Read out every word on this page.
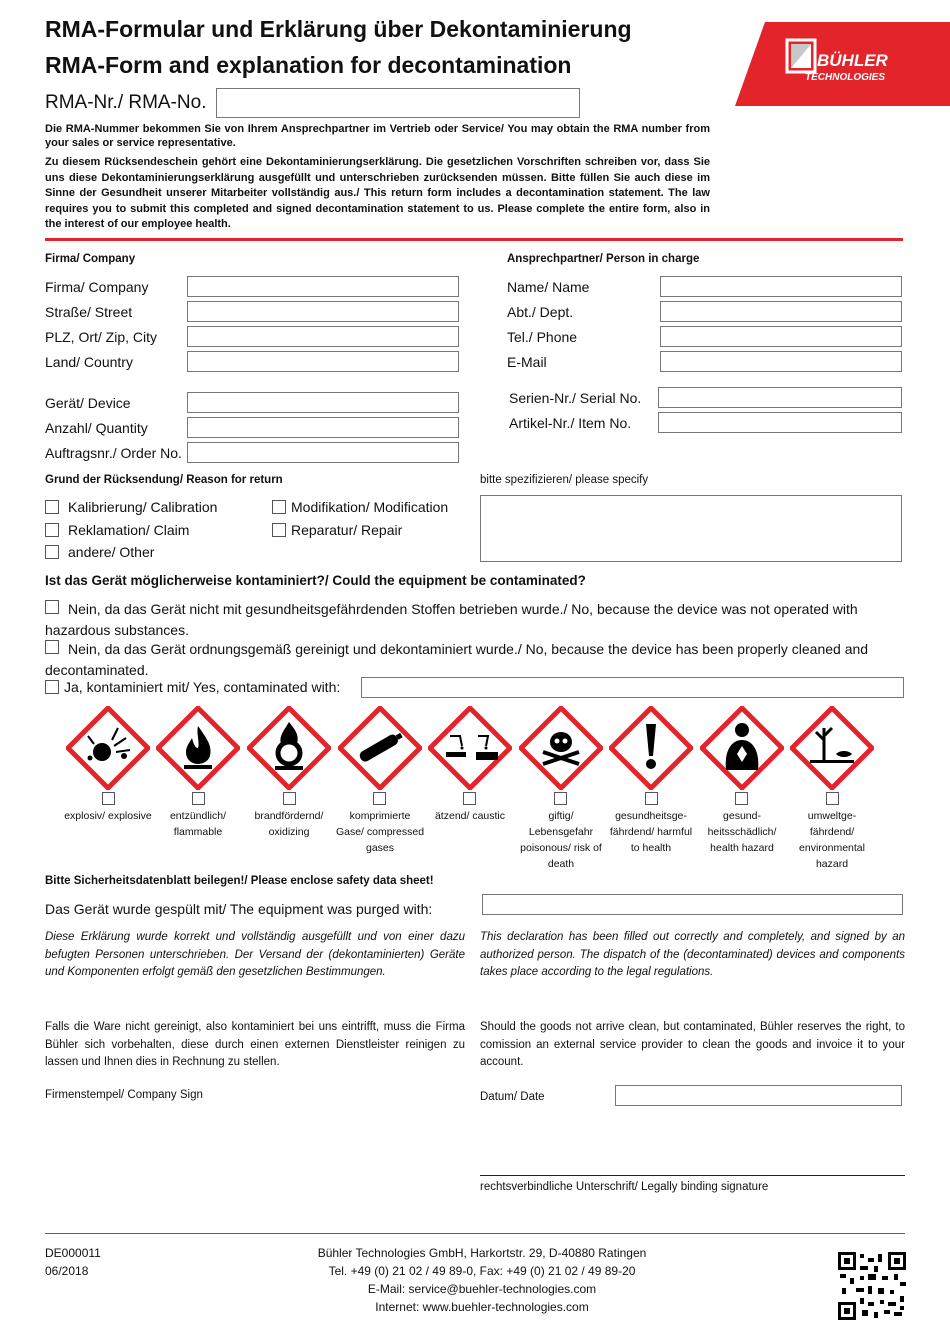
RMA-Formular und Erklärung über Dekontaminierung
RMA-Form and explanation for decontamination
RMA-Nr./ RMA-No.
BÜHLER
TECHNOLOGIES
Die RMA-Nummer bekommen Sie von Ihrem Ansprechpartner im Vertrieb oder Service/ You may obtain the RMA number from your sales or service representative.
Zu diesem Rücksendeschein gehört eine Dekontaminierungserklärung. Die gesetzlichen Vorschriften schreiben vor, dass Sie uns diese Dekontaminierungserklärung ausgefüllt und unterschrieben zurücksenden müssen. Bitte füllen Sie auch diese im Sinne der Gesundheit unserer Mitarbeiter vollständig aus./ This return form includes a decontamination statement. The law requires you to submit this completed and signed decontamination statement to us. Please complete the entire form, also in the interest of our employee health.
Firma/ Company
Firma/ Company
Straße/ Street
PLZ, Ort/ Zip, City
Land/ Country
Ansprechpartner/ Person in charge
Name/ Name
Abt./ Dept.
Tel./ Phone
E-Mail
Gerät/ Device
Anzahl/ Quantity
Auftragsnr./ Order No.
Serien-Nr./ Serial No.
Artikel-Nr./ Item No.
Grund der Rücksendung/ Reason for return	bitte spezifizieren/ please specify
Kalibrierung/ Calibration	Modifikation/ Modification
Reklamation/ Claim	Reparatur/ Repair
andere/ Other
Ist das Gerät möglicherweise kontaminiert?/ Could the equipment be contaminated?
Nein, da das Gerät nicht mit gesundheitsgefährdenden Stoffen betrieben wurde./ No, because the device was not operated with hazardous substances.
Nein, da das Gerät ordnungsgemäß gereinigt und dekontaminiert wurde./ No, because the device has been properly cleaned and decontaminated.
Ja, kontaminiert mit/ Yes, contaminated with:
explosiv/ explosive	entzündlich/ flammable
brandfördernd/ oxidizing
komprimierte Gase/ compressed gases
ätzend/ caustic	giftig/ Lebensgefahr poisonous/ risk of death
gesundheitsge-fährdend/ harmful to health
gesund-heitsschädlich/ health hazard
umweltge-fährdend/ environmental hazard
Bitte Sicherheitsdatenblatt beilegen!/ Please enclose safety data sheet!
Das Gerät wurde gespült mit/ The equipment was purged with:
Diese Erklärung wurde korrekt und vollständig ausgefüllt und von einer dazu befugten Personen unterschrieben. Der Versand der (dekontaminierten) Geräte und Komponenten erfolgt gemäß den gesetzlichen Bestimmungen.
This declaration has been filled out correctly and completely, and signed by an authorized person. The dispatch of the (decontaminated) devices and components takes place according to the legal regulations.
Falls die Ware nicht gereinigt, also kontaminiert bei uns eintrifft, muss die Firma Bühler sich vorbehalten, diese durch einen externen Dienstleister reinigen zu lassen und Ihnen dies in Rechnung zu stellen.
Should the goods not arrive clean, but contaminated, Bühler reserves the right, to comission an external service provider to clean the goods and invoice it to your account.
Firmenstempel/ Company Sign	Datum/ Date
rechtsverbindliche Unterschrift/ Legally binding signature
DE000011
06/2018
Bühler Technologies GmbH, Harkortstr. 29, D-40880 Ratingen
Tel. +49 (0) 21 02 / 49 89-0, Fax: +49 (0) 21 02 / 49 89-20
E-Mail: service@buehler-technologies.com
Internet: www.buehler-technologies.com
